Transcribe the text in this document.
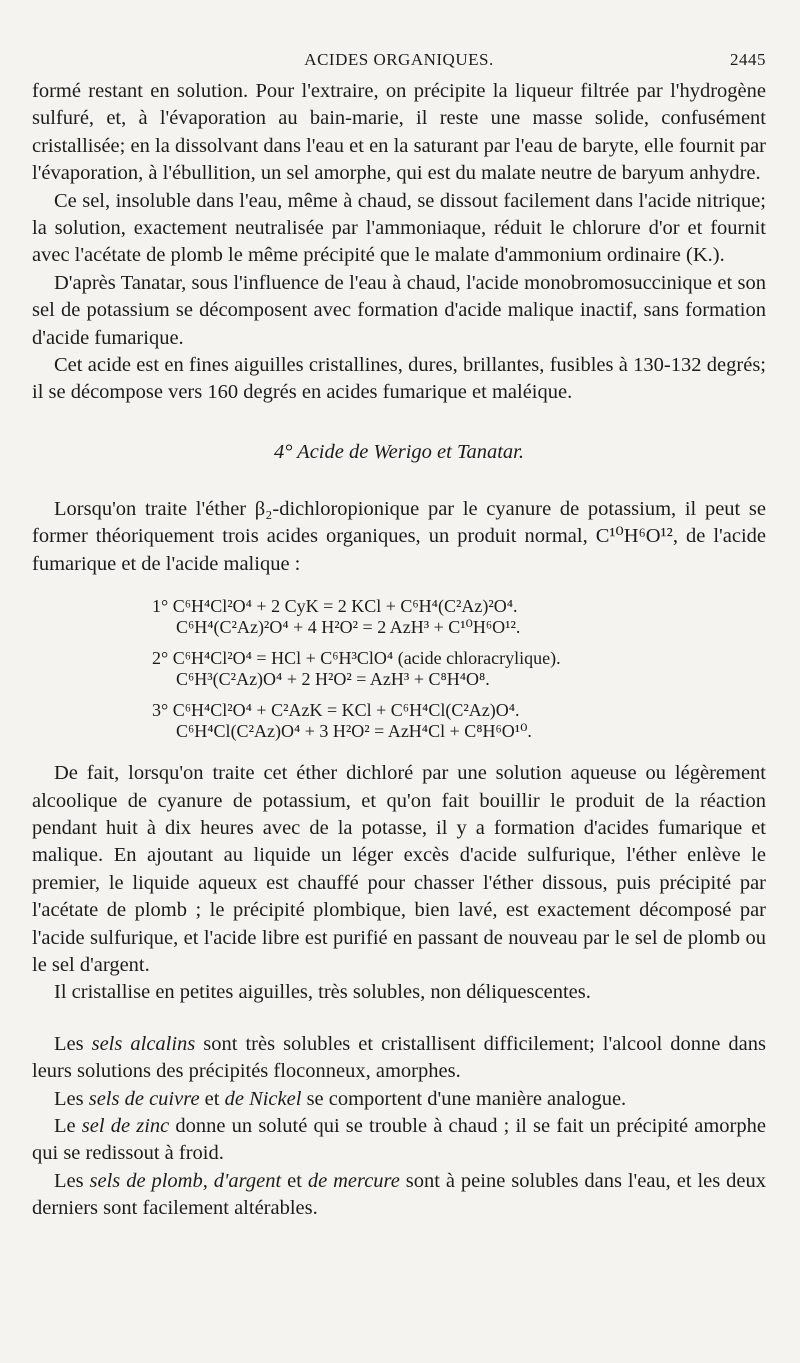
ACIDES ORGANIQUES.	2445

formé restant en solution. Pour l'extraire, on précipite la liqueur filtrée par l'hydrogène sulfuré, et, à l'évaporation au bain-marie, il reste une masse solide, confusément cristallisée; en la dissolvant dans l'eau et en la saturant par l'eau de baryte, elle fournit par l'évaporation, à l'ébullition, un sel amorphe, qui est du malate neutre de baryum anhydre.

Ce sel, insoluble dans l'eau, même à chaud, se dissout facilement dans l'acide nitrique; la solution, exactement neutralisée par l'ammoniaque, réduit le chlorure d'or et fournit avec l'acétate de plomb le même précipité que le malate d'ammonium ordinaire (K.).

D'après Tanatar, sous l'influence de l'eau à chaud, l'acide monobromosuccinique et son sel de potassium se décomposent avec formation d'acide malique inactif, sans formation d'acide fumarique.

Cet acide est en fines aiguilles cristallines, dures, brillantes, fusibles à 130-132 degrés; il se décompose vers 160 degrés en acides fumarique et maléique.

4° Acide de Werigo et Tanatar.

Lorsqu'on traite l'éther β₂-dichloropionique par le cyanure de potassium, il peut se former théoriquement trois acides organiques, un produit normal, C¹⁰H⁶O¹², de l'acide fumarique et de l'acide malique :

1° C⁶H⁴Cl²O⁴ + 2 CyK = 2 KCl + C⁶H⁴(C²Az)²O⁴.
C⁶H⁴(C²Az)²O⁴ + 4 H²O² = 2 AzH³ + C¹⁰H⁶O¹².
2° C⁶H⁴Cl²O⁴ = HCl + C⁶H³ClO⁴ (acide chloracrylique).
C⁶H³(C²Az)O⁴ + 2 H²O² = AzH³ + C⁸H⁴O⁸.
3° C⁶H⁴Cl²O⁴ + C²AzK = KCl + C⁶H⁴Cl(C²Az)O⁴.
C⁶H⁴Cl(C²Az)O⁴ + 3 H²O² = AzH⁴Cl + C⁸H⁶O¹⁰.

De fait, lorsqu'on traite cet éther dichloré par une solution aqueuse ou légèrement alcoolique de cyanure de potassium, et qu'on fait bouillir le produit de la réaction pendant huit à dix heures avec de la potasse, il y a formation d'acides fumarique et malique. En ajoutant au liquide un léger excès d'acide sulfurique, l'éther enlève le premier, le liquide aqueux est chauffé pour chasser l'éther dissous, puis précipité par l'acétate de plomb ; le précipité plombique, bien lavé, est exactement décomposé par l'acide sulfurique, et l'acide libre est purifié en passant de nouveau par le sel de plomb ou le sel d'argent.

Il cristallise en petites aiguilles, très solubles, non déliquescentes.

Les sels alcalins sont très solubles et cristallisent difficilement; l'alcool donne dans leurs solutions des précipités floconneux, amorphes.

Les sels de cuivre et de Nickel se comportent d'une manière analogue.

Le sel de zinc donne un soluté qui se trouble à chaud ; il se fait un précipité amorphe qui se redissout à froid.

Les sels de plomb, d'argent et de mercure sont à peine solubles dans l'eau, et les deux derniers sont facilement altérables.
